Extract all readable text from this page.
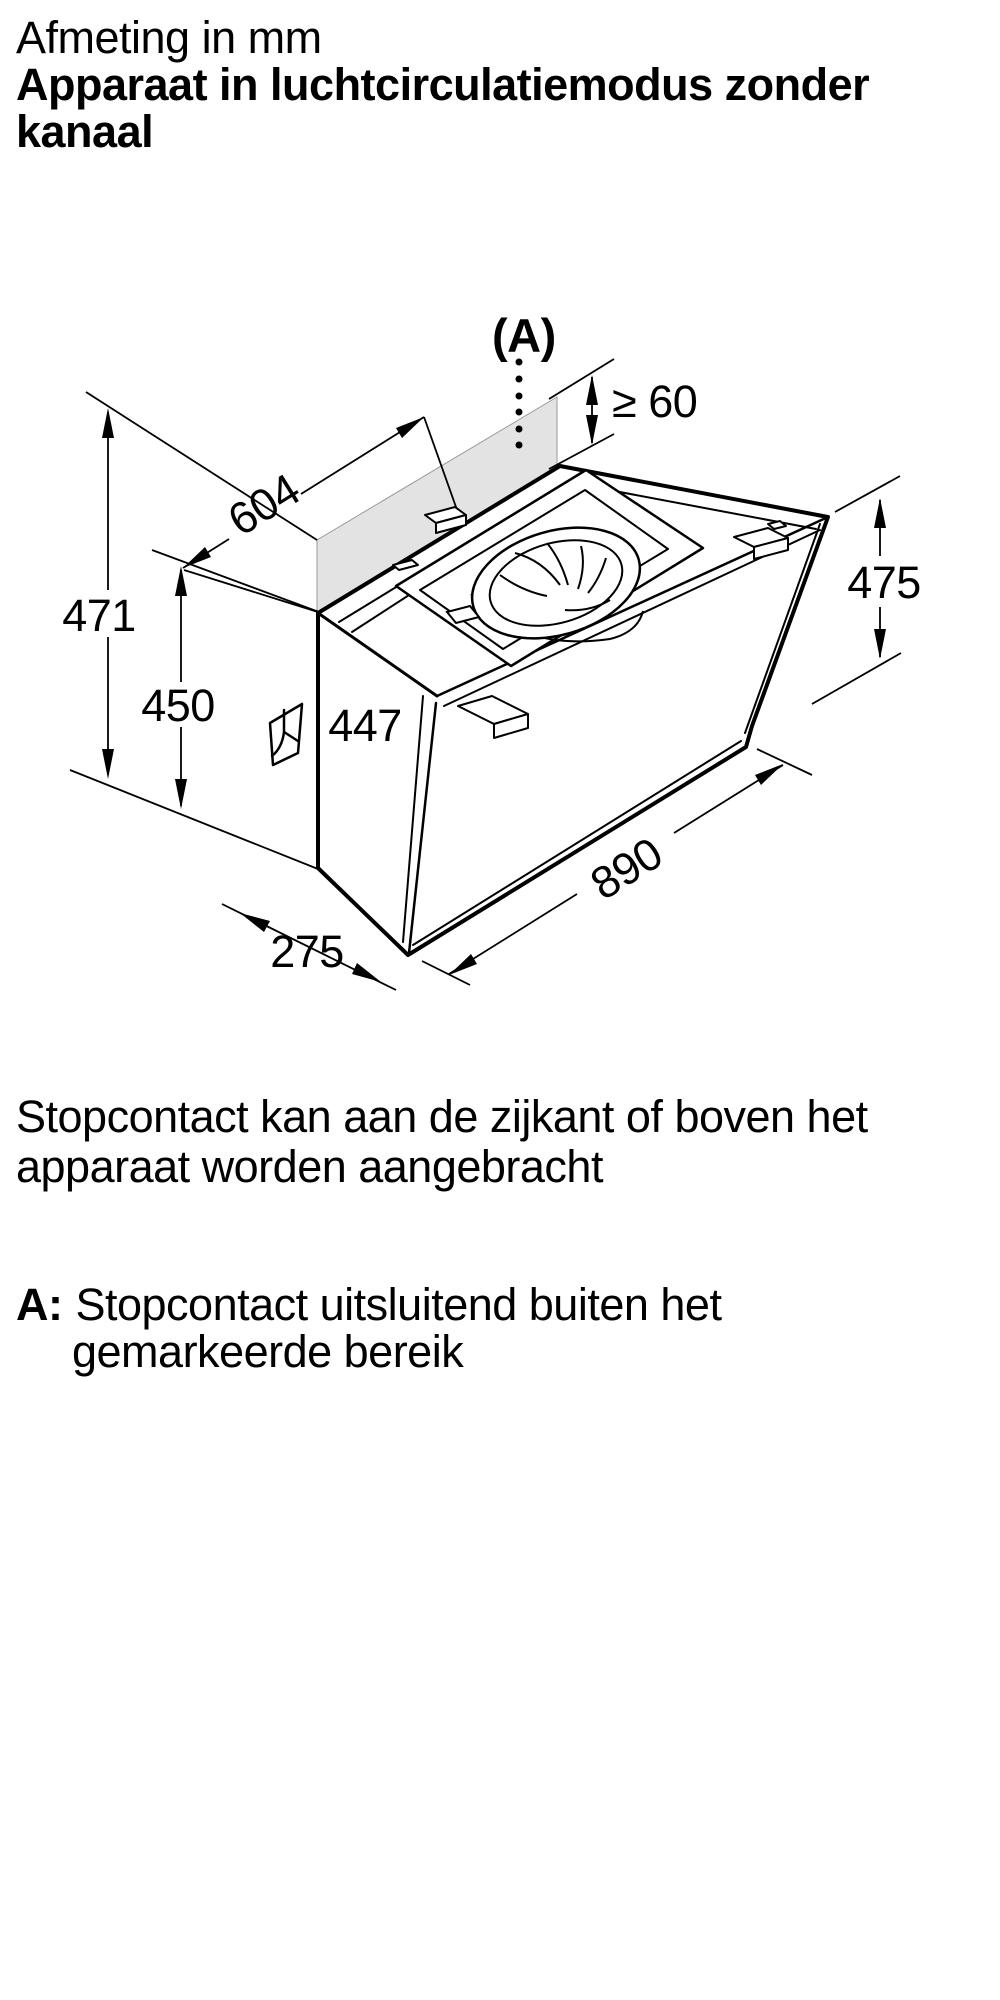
Afmeting in mm
Apparaat in luchtcirculatiemodus zonder
kanaal
(A)
≥ 60
604
471
450	447
475
890
275
Stopcontact kan aan de zijkant of boven het
apparaat worden aangebracht
A: Stopcontact uitsluitend buiten het
gemarkeerde bereik
